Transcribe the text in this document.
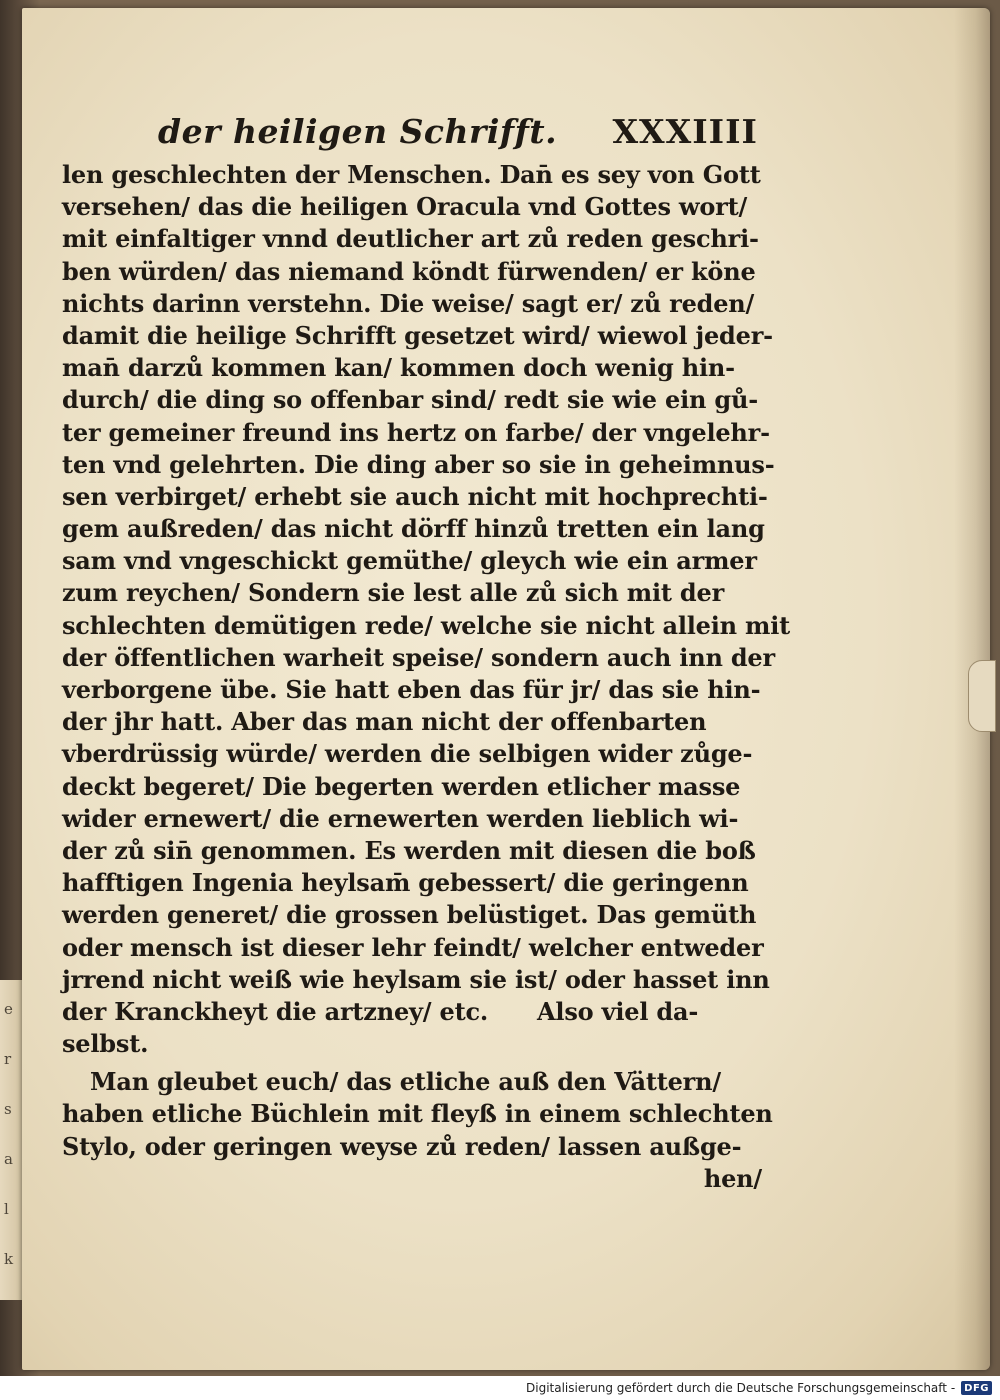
e
r
s
a
l
k
der heiligen Schrifft. XXXIIII
len geschlechten der Menschen. Dan̄ es sey von Gott
versehen/ das die heiligen Oracula vnd Gottes wort/
mit einfaltiger vnnd deutlicher art zů reden geschri-
ben würden/ das niemand köndt fürwenden/ er köne
nichts darinn verstehn. Die weise/ sagt er/ zů reden/
damit die heilige Schrifft gesetzet wird/ wiewol jeder-
man̄ darzů kommen kan/ kommen doch wenig hin-
durch/ die ding so offenbar sind/ redt sie wie ein gů-
ter gemeiner freund ins hertz on farbe/ der vngelehr-
ten vnd gelehrten. Die ding aber so sie in geheimnus-
sen verbirget/ erhebt sie auch nicht mit hochprechti-
gem außreden/ das nicht dörff hinzů tretten ein lang
sam vnd vngeschickt gemüthe/ gleych wie ein armer
zum reychen/ Sondern sie lest alle zů sich mit der
schlechten demütigen rede/ welche sie nicht allein mit
der öffentlichen warheit speise/ sondern auch inn der
verborgene übe. Sie hatt eben das für jr/ das sie hin-
der jhr hatt. Aber das man nicht der offenbarten
vberdrüssig würde/ werden die selbigen wider zůge-
deckt begeret/ Die begerten werden etlicher masse
wider ernewert/ die ernewerten werden lieblich wi-
der zů sin̄ genommen. Es werden mit diesen die boß
hafftigen Ingenia heylsam̄ gebessert/ die geringenn
werden generet/ die grossen belüstiget. Das gemüth
oder mensch ist dieser lehr feindt/ welcher entweder
jrrend nicht weiß wie heylsam sie ist/ oder hasset inn
der Kranckheyt die artzney/ etc.      Also viel da-
selbst.
Man gleubet euch/ das etliche auß den Vättern/
haben etliche Büchlein mit fleyß in einem schlechten
Stylo, oder geringen weyse zů reden/ lassen außge-
hen/
Digitalisierung gefördert durch die Deutsche Forschungsgemeinschaft - DFG
